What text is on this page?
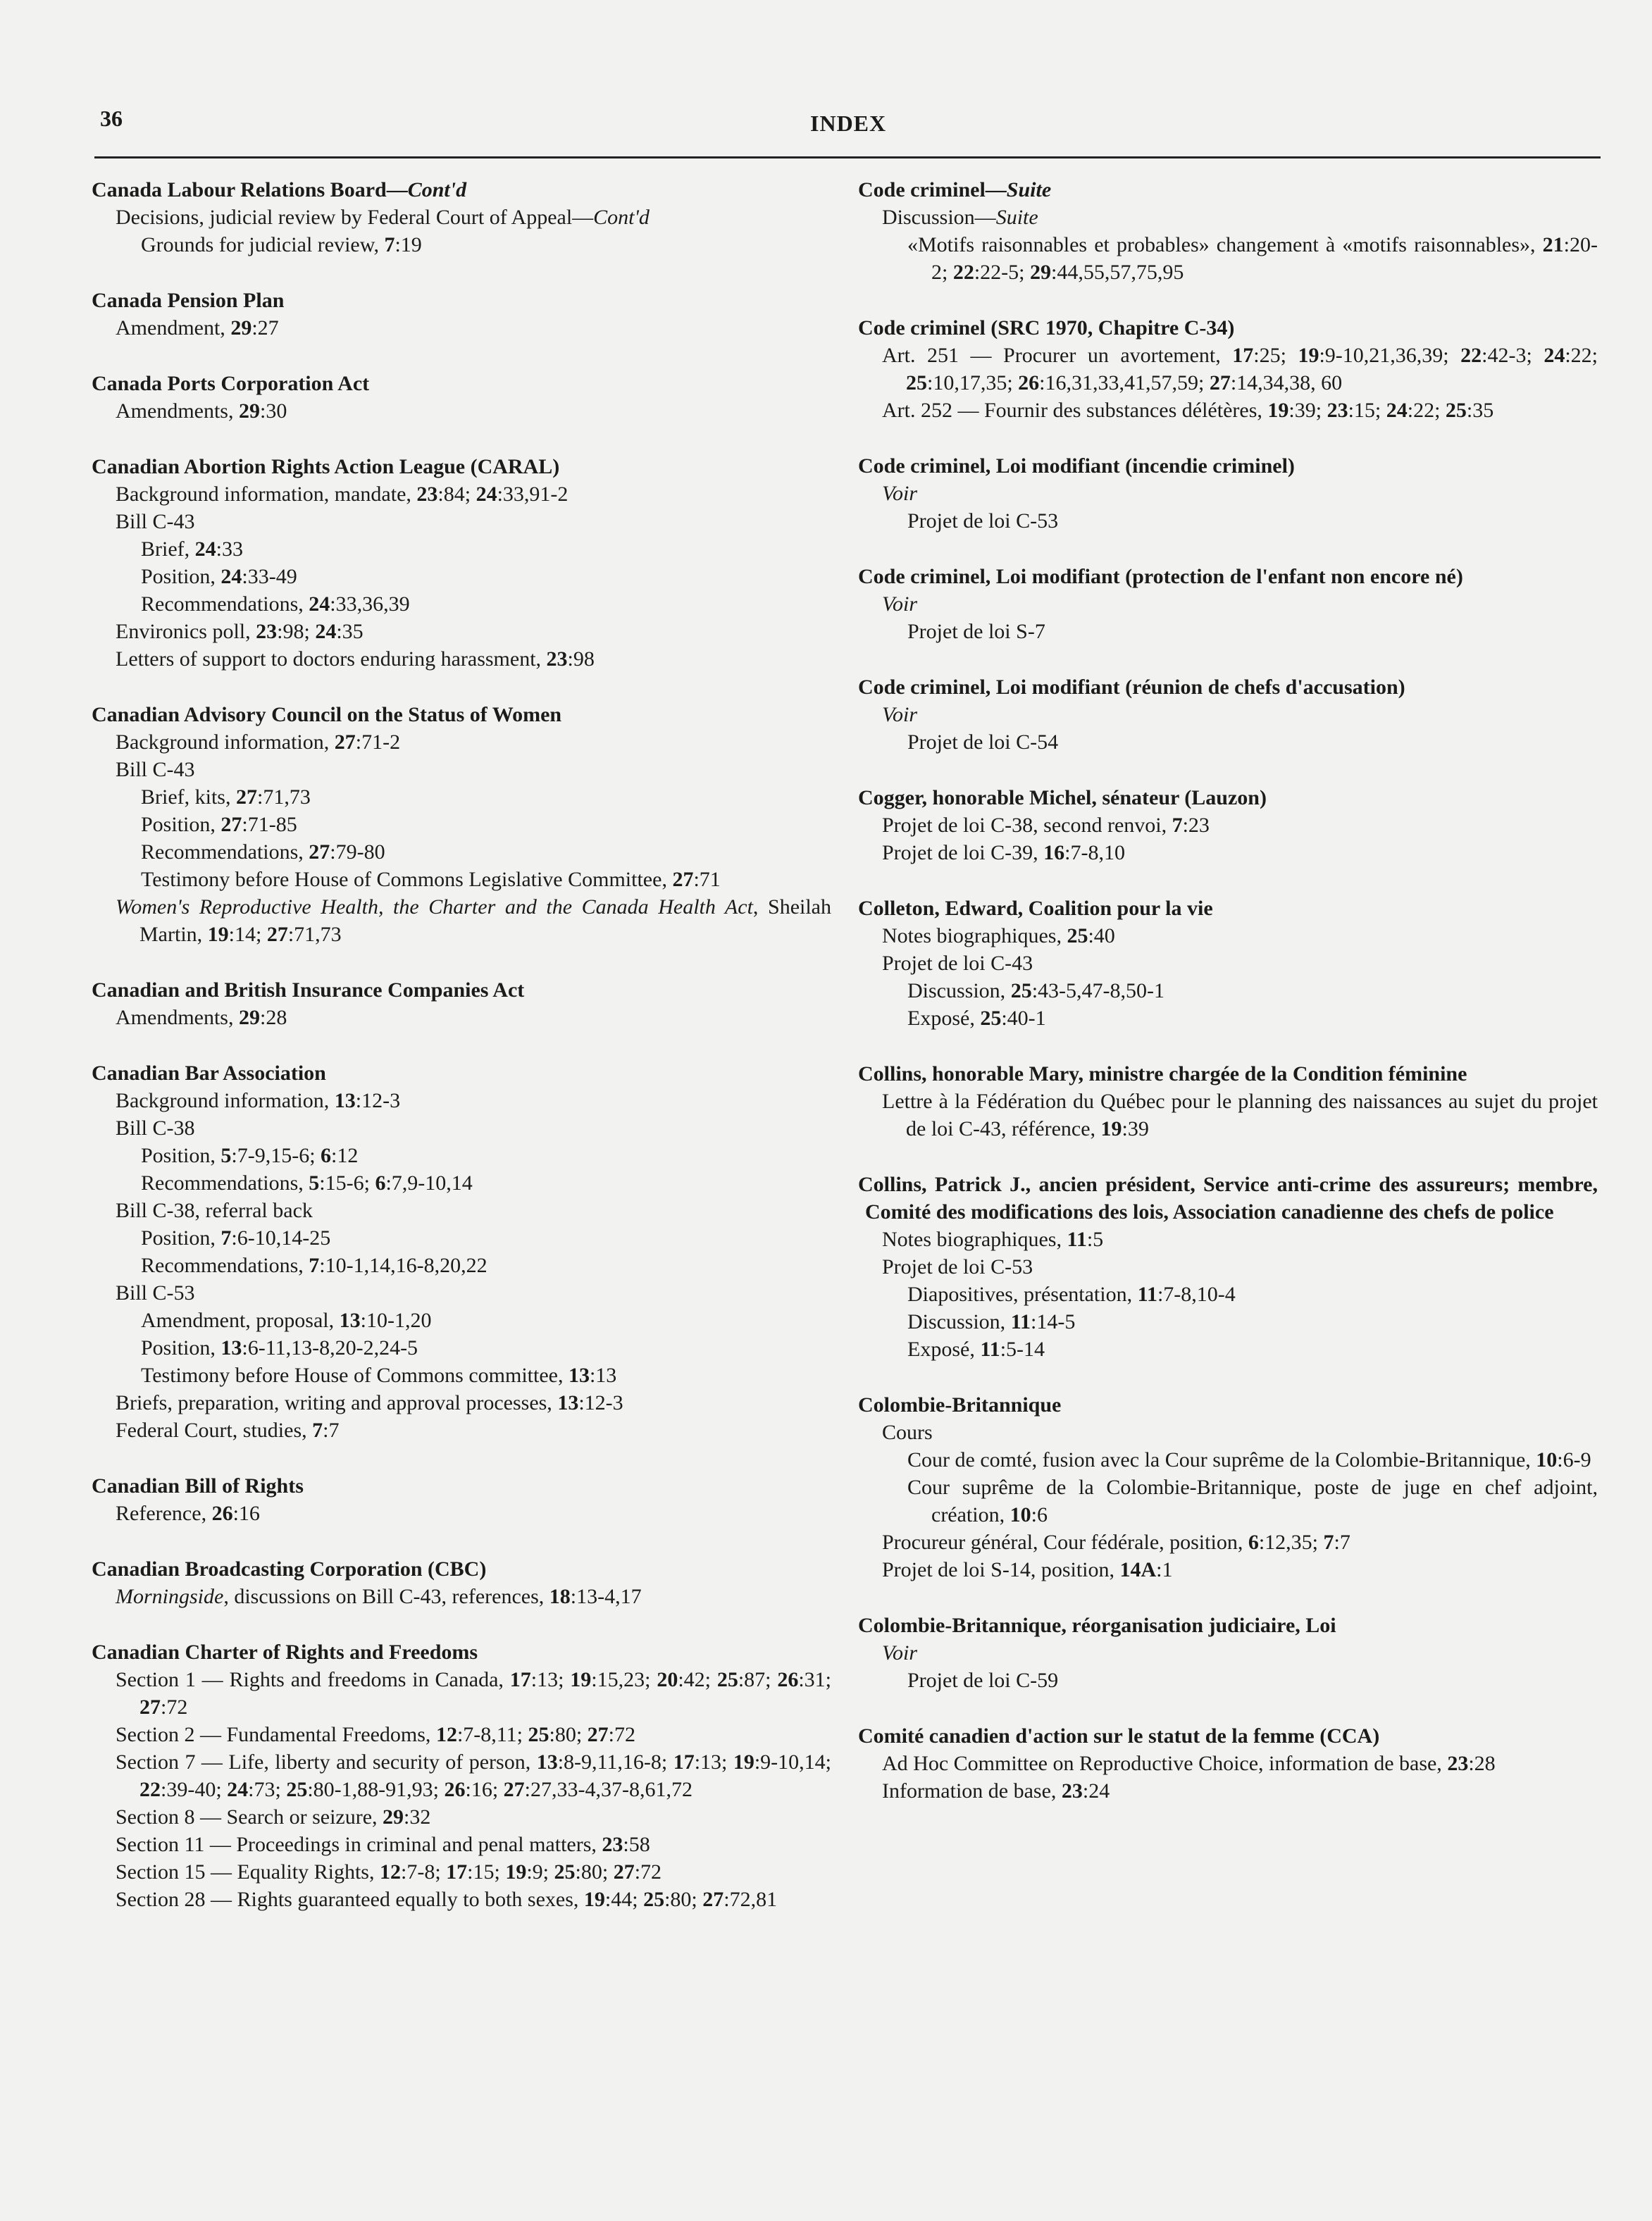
36	INDEX
Canada Labour Relations Board—Cont'd
Decisions, judicial review by Federal Court of Appeal—Cont'd
Grounds for judicial review, 7:19
Canada Pension Plan
Amendment, 29:27
Canada Ports Corporation Act
Amendments, 29:30
Canadian Abortion Rights Action League (CARAL)
Background information, mandate, 23:84; 24:33,91-2
Bill C-43
Brief, 24:33
Position, 24:33-49
Recommendations, 24:33,36,39
Environics poll, 23:98; 24:35
Letters of support to doctors enduring harassment, 23:98
Canadian Advisory Council on the Status of Women
Background information, 27:71-2
Bill C-43
Brief, kits, 27:71,73
Position, 27:71-85
Recommendations, 27:79-80
Testimony before House of Commons Legislative Committee, 27:71
Women's Reproductive Health, the Charter and the Canada Health Act, Sheilah Martin, 19:14; 27:71,73
Canadian and British Insurance Companies Act
Amendments, 29:28
Canadian Bar Association
Background information, 13:12-3
Bill C-38
Position, 5:7-9,15-6; 6:12
Recommendations, 5:15-6; 6:7,9-10,14
Bill C-38, referral back
Position, 7:6-10,14-25
Recommendations, 7:10-1,14,16-8,20,22
Bill C-53
Amendment, proposal, 13:10-1,20
Position, 13:6-11,13-8,20-2,24-5
Testimony before House of Commons committee, 13:13
Briefs, preparation, writing and approval processes, 13:12-3
Federal Court, studies, 7:7
Canadian Bill of Rights
Reference, 26:16
Canadian Broadcasting Corporation (CBC)
Morningside, discussions on Bill C-43, references, 18:13-4,17
Canadian Charter of Rights and Freedoms
Section 1 — Rights and freedoms in Canada, 17:13; 19:15,23; 20:42; 25:87; 26:31; 27:72
Section 2 — Fundamental Freedoms, 12:7-8,11; 25:80; 27:72
Section 7 — Life, liberty and security of person, 13:8-9,11,16-8; 17:13; 19:9-10,14; 22:39-40; 24:73; 25:80-1,88-91,93; 26:16; 27:27,33-4,37-8,61,72
Section 8 — Search or seizure, 29:32
Section 11 — Proceedings in criminal and penal matters, 23:58
Section 15 — Equality Rights, 12:7-8; 17:15; 19:9; 25:80; 27:72
Section 28 — Rights guaranteed equally to both sexes, 19:44; 25:80; 27:72,81
Code criminel—Suite
Discussion—Suite
«Motifs raisonnables et probables» changement à «motifs raisonnables», 21:20-2; 22:22-5; 29:44,55,57,75,95
Code criminel (SRC 1970, Chapitre C-34)
Art. 251 — Procurer un avortement, 17:25; 19:9-10,21,36,39; 22:42-3; 24:22; 25:10,17,35; 26:16,31,33,41,57,59; 27:14,34,38, 60
Art. 252 — Fournir des substances délétères, 19:39; 23:15; 24:22; 25:35
Code criminel, Loi modifiant (incendie criminel)
Voir
Projet de loi C-53
Code criminel, Loi modifiant (protection de l'enfant non encore né)
Voir
Projet de loi S-7
Code criminel, Loi modifiant (réunion de chefs d'accusation)
Voir
Projet de loi C-54
Cogger, honorable Michel, sénateur (Lauzon)
Projet de loi C-38, second renvoi, 7:23
Projet de loi C-39, 16:7-8,10
Colleton, Edward, Coalition pour la vie
Notes biographiques, 25:40
Projet de loi C-43
Discussion, 25:43-5,47-8,50-1
Exposé, 25:40-1
Collins, honorable Mary, ministre chargée de la Condition féminine
Lettre à la Fédération du Québec pour le planning des naissances au sujet du projet de loi C-43, référence, 19:39
Collins, Patrick J., ancien président, Service anti-crime des assureurs; membre, Comité des modifications des lois, Association canadienne des chefs de police
Notes biographiques, 11:5
Projet de loi C-53
Diapositives, présentation, 11:7-8,10-4
Discussion, 11:14-5
Exposé, 11:5-14
Colombie-Britannique
Cours
Cour de comté, fusion avec la Cour suprême de la Colombie-Britannique, 10:6-9
Cour suprême de la Colombie-Britannique, poste de juge en chef adjoint, création, 10:6
Procureur général, Cour fédérale, position, 6:12,35; 7:7
Projet de loi S-14, position, 14A:1
Colombie-Britannique, réorganisation judiciaire, Loi
Voir
Projet de loi C-59
Comité canadien d'action sur le statut de la femme (CCA)
Ad Hoc Committee on Reproductive Choice, information de base, 23:28
Information de base, 23:24
